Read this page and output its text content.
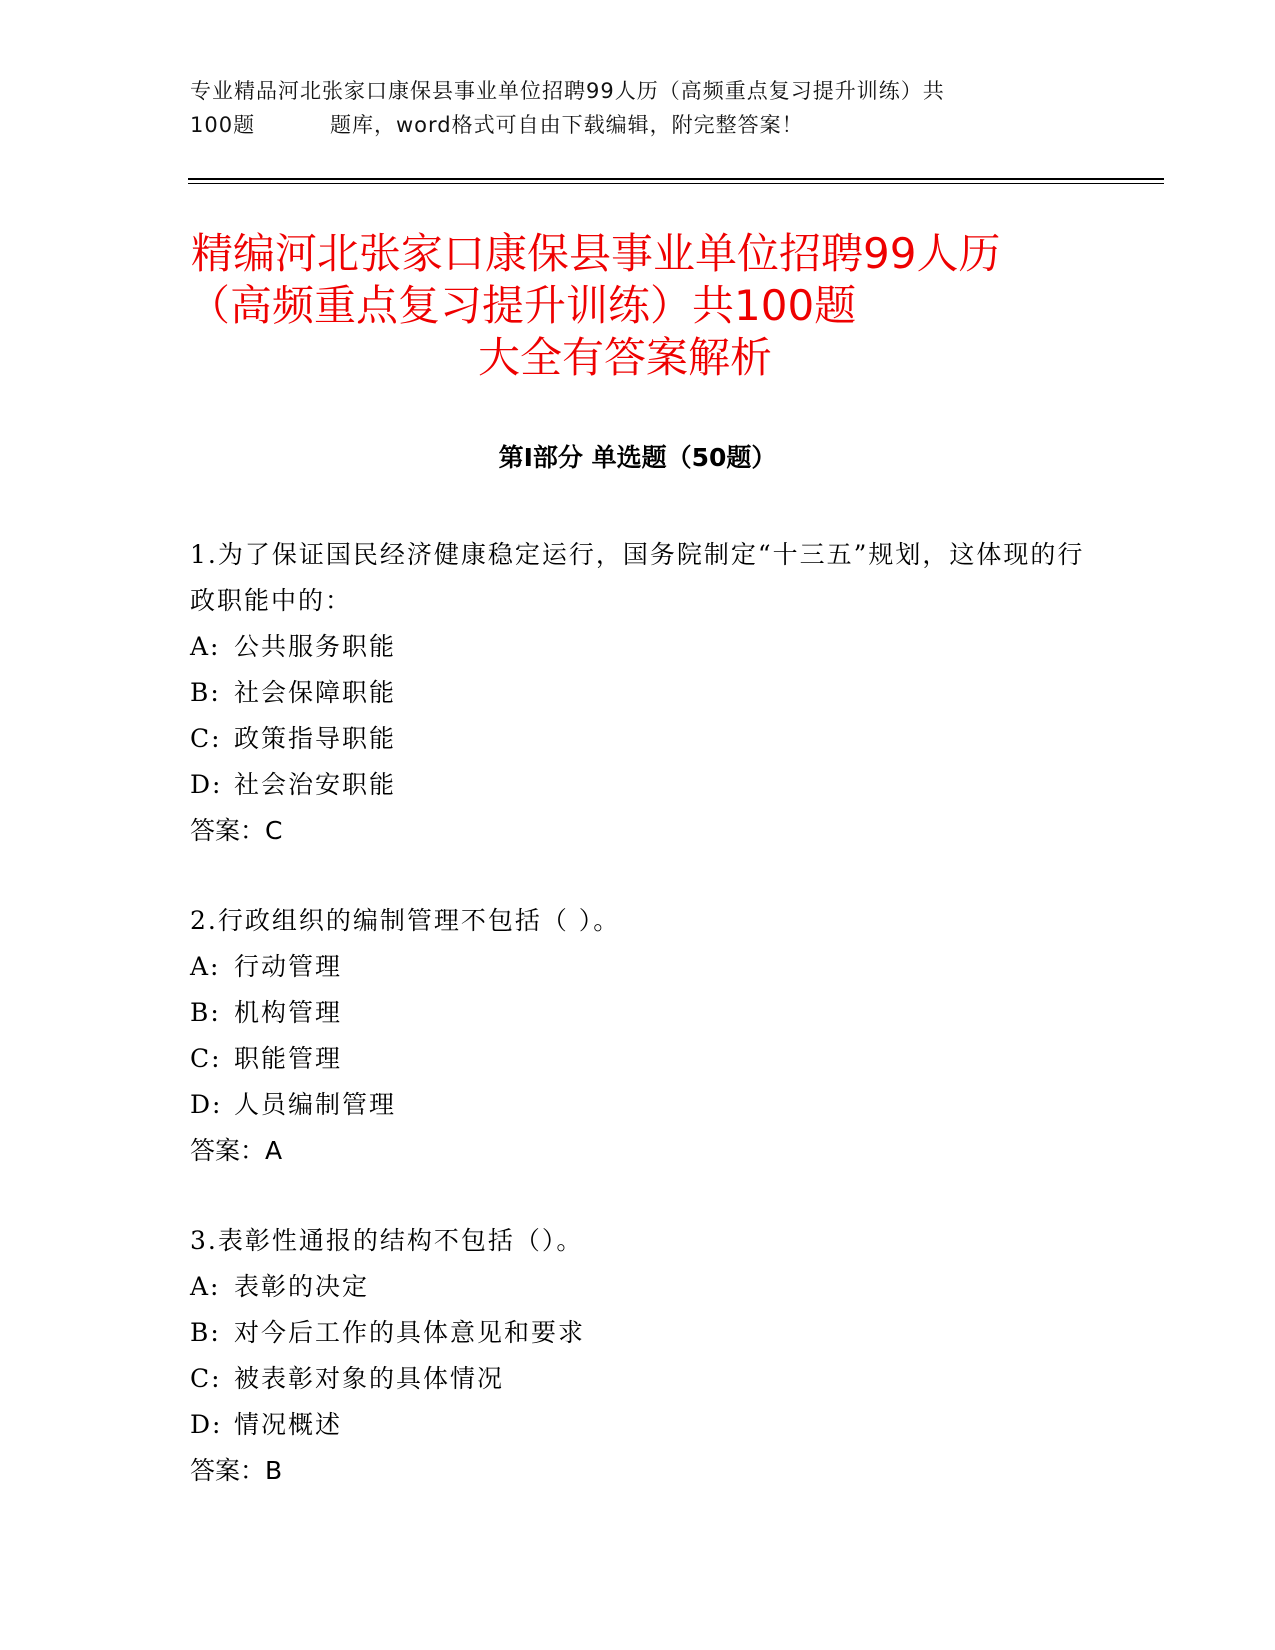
专业精品河北张家口康保县事业单位招聘99人历（高频重点复习提升训练）共
100题	题库，word格式可自由下载编辑，附完整答案！
精编河北张家口康保县事业单位招聘99人历
（高频重点复习提升训练）共100题
大全有答案解析
第Ⅰ部分 单选题（50题）
1.为了保证国民经济健康稳定运行，国务院制定“十三五”规划，这体现的行政职能中的：
A: 公共服务职能
B: 社会保障职能
C: 政策指导职能
D: 社会治安职能
答案：C
2.行政组织的编制管理不包括（ ）。
A: 行动管理
B: 机构管理
C: 职能管理
D: 人员编制管理
答案：A
3.表彰性通报的结构不包括（）。
A: 表彰的决定
B: 对今后工作的具体意见和要求
C: 被表彰对象的具体情况
D: 情况概述
答案：B
